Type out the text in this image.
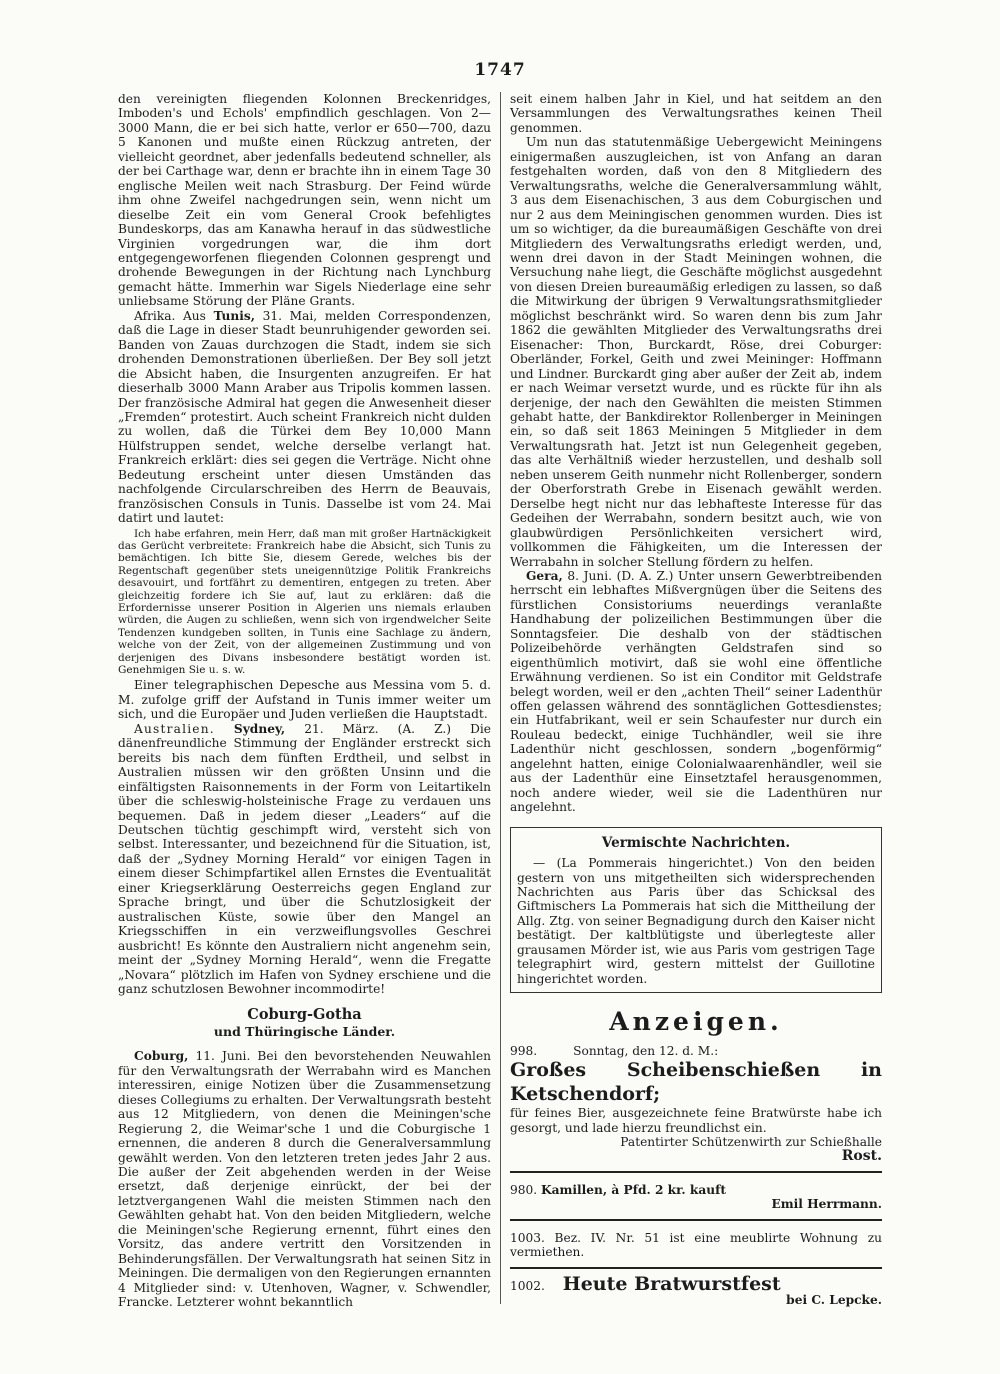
1747

den vereinigten fliegenden Kolonnen Breckenridges, Imboden's und Echols' empfindlich geschlagen. Von 2—3000 Mann, die er bei sich hatte, verlor er 650—700, dazu 5 Kanonen und mußte einen Rückzug antreten, der vielleicht geordnet, aber jedenfalls bedeutend schneller, als der bei Carthage war, denn er brachte ihn in einem Tage 30 englische Meilen weit nach Strasburg. Der Feind würde ihm ohne Zweifel nachgedrungen sein, wenn nicht um dieselbe Zeit ein vom General Crook befehligtes Bundeskorps, das am Kanawha herauf in das südwestliche Virginien vorgedrungen war, die ihm dort entgegengeworfenen fliegenden Colonnen gesprengt und drohende Bewegungen in der Richtung nach Lynchburg gemacht hätte. Immerhin war Sigels Niederlage eine sehr unliebsame Störung der Pläne Grants.

Afrika. Aus Tunis, 31. Mai, melden Correspondenzen, daß die Lage in dieser Stadt beunruhigender geworden sei. Banden von Zauas durchzogen die Stadt, indem sie sich drohenden Demonstrationen überließen. Der Bey soll jetzt die Absicht haben, die Insurgenten anzugreifen. Er hat dieserhalb 3000 Mann Araber aus Tripolis kommen lassen. Der französische Admiral hat gegen die Anwesenheit dieser „Fremden“ protestirt. Auch scheint Frankreich nicht dulden zu wollen, daß die Türkei dem Bey 10,000 Mann Hülfstruppen sendet, welche derselbe verlangt hat. Frankreich erklärt: dies sei gegen die Verträge. Nicht ohne Bedeutung erscheint unter diesen Umständen das nachfolgende Circularschreiben des Herrn de Beauvais, französischen Consuls in Tunis. Dasselbe ist vom 24. Mai datirt und lautet:

Ich habe erfahren, mein Herr, daß man mit großer Hartnäckigkeit das Gerücht verbreitete: Frankreich habe die Absicht, sich Tunis zu bemächtigen. Ich bitte Sie, diesem Gerede, welches bis der Regentschaft gegenüber stets uneigennützige Politik Frankreichs desavouirt, und fortfährt zu dementiren, entgegen zu treten. Aber gleichzeitig fordere ich Sie auf, laut zu erklären: daß die Erfordernisse unserer Position in Algerien uns niemals erlauben würden, die Augen zu schließen, wenn sich von irgendwelcher Seite Tendenzen kundgeben sollten, in Tunis eine Sachlage zu ändern, welche von der Zeit, von der allgemeinen Zustimmung und von derjenigen des Divans insbesondere bestätigt worden ist. Genehmigen Sie u. s. w.

Einer telegraphischen Depesche aus Messina vom 5. d. M. zufolge griff der Aufstand in Tunis immer weiter um sich, und die Europäer und Juden verließen die Hauptstadt.

Australien. Sydney, 21. März. (A. Z.) Die dänenfreundliche Stimmung der Engländer erstreckt sich bereits bis nach dem fünften Erdtheil, und selbst in Australien müssen wir den größten Unsinn und die einfältigsten Raisonnements in der Form von Leitartikeln über die schleswig-holsteinische Frage zu verdauen uns bequemen. Daß in jedem dieser „Leaders“ auf die Deutschen tüchtig geschimpft wird, versteht sich von selbst. Interessanter, und bezeichnend für die Situation, ist, daß der „Sydney Morning Herald“ vor einigen Tagen in einem dieser Schimpfartikel allen Ernstes die Eventualität einer Kriegserklärung Oesterreichs gegen England zur Sprache bringt, und über die Schutzlosigkeit der australischen Küste, sowie über den Mangel an Kriegsschiffen in ein verzweiflungsvolles Geschrei ausbricht! Es könnte den Australiern nicht angenehm sein, meint der „Sydney Morning Herald“, wenn die Fregatte „Novara“ plötzlich im Hafen von Sydney erschiene und die ganz schutzlosen Bewohner incommodirte!

Coburg-Gotha

und Thüringische Länder.

Coburg, 11. Juni. Bei den bevorstehenden Neuwahlen für den Verwaltungsrath der Werrabahn wird es Manchen interessiren, einige Notizen über die Zusammensetzung dieses Collegiums zu erhalten. Der Verwaltungsrath besteht aus 12 Mitgliedern, von denen die Meiningen'sche Regierung 2, die Weimar'sche 1 und die Coburgische 1 ernennen, die anderen 8 durch die Generalversammlung gewählt werden. Von den letzteren treten jedes Jahr 2 aus. Die außer der Zeit abgehenden werden in der Weise ersetzt, daß derjenige einrückt, der bei der letztvergangenen Wahl die meisten Stimmen nach den Gewählten gehabt hat. Von den beiden Mitgliedern, welche die Meiningen'sche Regierung ernennt, führt eines den Vorsitz, das andere vertritt den Vorsitzenden in Behinderungsfällen. Der Verwaltungsrath hat seinen Sitz in Meiningen. Die dermaligen von den Regierungen ernannten 4 Mitglieder sind: v. Utenhoven, Wagner, v. Schwendler, Francke. Letzterer wohnt bekanntlich

seit einem halben Jahr in Kiel, und hat seitdem an den Versammlungen des Verwaltungsrathes keinen Theil genommen.

Um nun das statutenmäßige Uebergewicht Meiningens einigermaßen auszugleichen, ist von Anfang an daran festgehalten worden, daß von den 8 Mitgliedern des Verwaltungsraths, welche die Generalversammlung wählt, 3 aus dem Eisenachischen, 3 aus dem Coburgischen und nur 2 aus dem Meiningischen genommen wurden. Dies ist um so wichtiger, da die bureaumäßigen Geschäfte von drei Mitgliedern des Verwaltungsraths erledigt werden, und, wenn drei davon in der Stadt Meiningen wohnen, die Versuchung nahe liegt, die Geschäfte möglichst ausgedehnt von diesen Dreien bureaumäßig erledigen zu lassen, so daß die Mitwirkung der übrigen 9 Verwaltungsrathsmitglieder möglichst beschränkt wird. So waren denn bis zum Jahr 1862 die gewählten Mitglieder des Verwaltungsraths drei Eisenacher: Thon, Burckardt, Röse, drei Coburger: Oberländer, Forkel, Geith und zwei Meininger: Hoffmann und Lindner. Burckardt ging aber außer der Zeit ab, indem er nach Weimar versetzt wurde, und es rückte für ihn als derjenige, der nach den Gewählten die meisten Stimmen gehabt hatte, der Bankdirektor Rollenberger in Meiningen ein, so daß seit 1863 Meiningen 5 Mitglieder in dem Verwaltungsrath hat. Jetzt ist nun Gelegenheit gegeben, das alte Verhältniß wieder herzustellen, und deshalb soll neben unserem Geith nunmehr nicht Rollenberger, sondern der Oberforstrath Grebe in Eisenach gewählt werden. Derselbe hegt nicht nur das lebhafteste Interesse für das Gedeihen der Werrabahn, sondern besitzt auch, wie von glaubwürdigen Persönlichkeiten versichert wird, vollkommen die Fähigkeiten, um die Interessen der Werrabahn in solcher Stellung fördern zu helfen.

Gera, 8. Juni. (D. A. Z.) Unter unsern Gewerbtreibenden herrscht ein lebhaftes Mißvergnügen über die Seitens des fürstlichen Consistoriums neuerdings veranlaßte Handhabung der polizeilichen Bestimmungen über die Sonntagsfeier. Die deshalb von der städtischen Polizeibehörde verhängten Geldstrafen sind so eigenthümlich motivirt, daß sie wohl eine öffentliche Erwähnung verdienen. So ist ein Conditor mit Geldstrafe belegt worden, weil er den „achten Theil“ seiner Ladenthür offen gelassen während des sonntäglichen Gottesdienstes; ein Hutfabrikant, weil er sein Schaufester nur durch ein Rouleau bedeckt, einige Tuchhändler, weil sie ihre Ladenthür nicht geschlossen, sondern „bogenförmig“ angelehnt hatten, einige Colonialwaarenhändler, weil sie aus der Ladenthür eine Einsetztafel herausgenommen, noch andere wieder, weil sie die Ladenthüren nur angelehnt.

Vermischte Nachrichten.

— (La Pommerais hingerichtet.) Von den beiden gestern von uns mitgetheilten sich widersprechenden Nachrichten aus Paris über das Schicksal des Giftmischers La Pommerais hat sich die Mittheilung der Allg. Ztg. von seiner Begnadigung durch den Kaiser nicht bestätigt. Der kaltblütigste und überlegteste aller grausamen Mörder ist, wie aus Paris vom gestrigen Tage telegraphirt wird, gestern mittelst der Guillotine hingerichtet worden.

Anzeigen.

998.	Sonntag, den 12. d. M.:
Großes Scheibenschießen in Ketschendorf;

für feines Bier, ausgezeichnete feine Bratwürste habe ich gesorgt, und lade hierzu freundlichst ein.

Patentirter Schützenwirth zur Schießhalle

Rost.

980. Kamillen, à Pfd. 2 kr. kauft

Emil Herrmann.

1003. Bez. IV. Nr. 51 ist eine meublirte Wohnung zu vermiethen.

1002. Heute Bratwurstfest

bei C. Lepcke.
